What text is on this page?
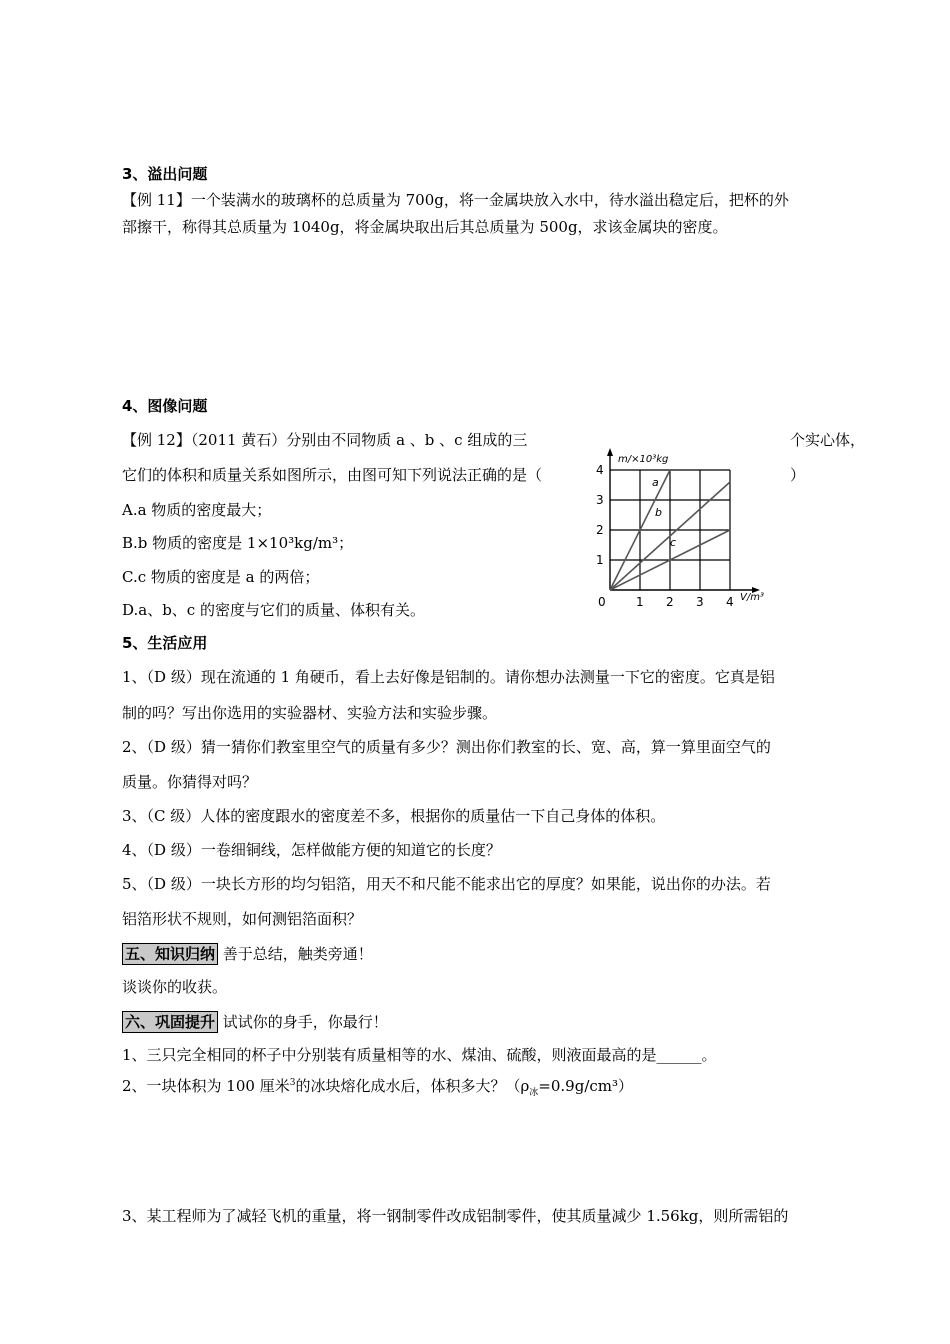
3、溢出问题
【例 11】一个装满水的玻璃杯的总质量为 700g，将一金属块放入水中，待水溢出稳定后，把杯的外
部擦干，称得其总质量为 1040g，将金属块取出后其总质量为 500g，求该金属块的密度。
4、图像问题
【例 12】（2011 黄石）分别由不同物质 a 、b 、c 组成的三	个实心体，
它们的体积和质量关系如图所示，由图可知下列说法正确的是（	）
A.a 物质的密度最大；
B.b 物质的密度是 1×10³kg/m³；
C.c 物质的密度是 a 的两倍；
D.a、b、c 的密度与它们的质量、体积有关。
a
b
c
0	1 2 3 4
1
2
3
4
m/×10³kg
V/m³
5、生活应用
1、（D 级）现在流通的 1 角硬币，看上去好像是铝制的。请你想办法测量一下它的密度。它真是铝
制的吗？写出你选用的实验器材、实验方法和实验步骤。
2、（D 级）猜一猜你们教室里空气的质量有多少？测出你们教室的长、宽、高，算一算里面空气的
质量。你猜得对吗？
3、（C 级）人体的密度跟水的密度差不多，根据你的质量估一下自己身体的体积。
4、（D 级）一卷细铜线，怎样做能方便的知道它的长度？
5、（D 级）一块长方形的均匀铝箔，用天不和尺能不能求出它的厚度？如果能，说出你的办法。若
铝箔形状不规则，如何测铝箔面积？
五、知识归纳 善于总结，触类旁通！
谈谈你的收获。
六、巩固提升 试试你的身手，你最行！
1、三只完全相同的杯子中分别装有质量相等的水、煤油、硫酸，则液面最高的是______。
2、一块体积为 100 厘米$^3$的冰块熔化成水后，体积多大？$(\rho_冰=0.9g/cm^3)$
3、某工程师为了减轻飞机的重量，将一钢制零件改成铝制零件，使其质量减少 1.56kg，则所需铝的
